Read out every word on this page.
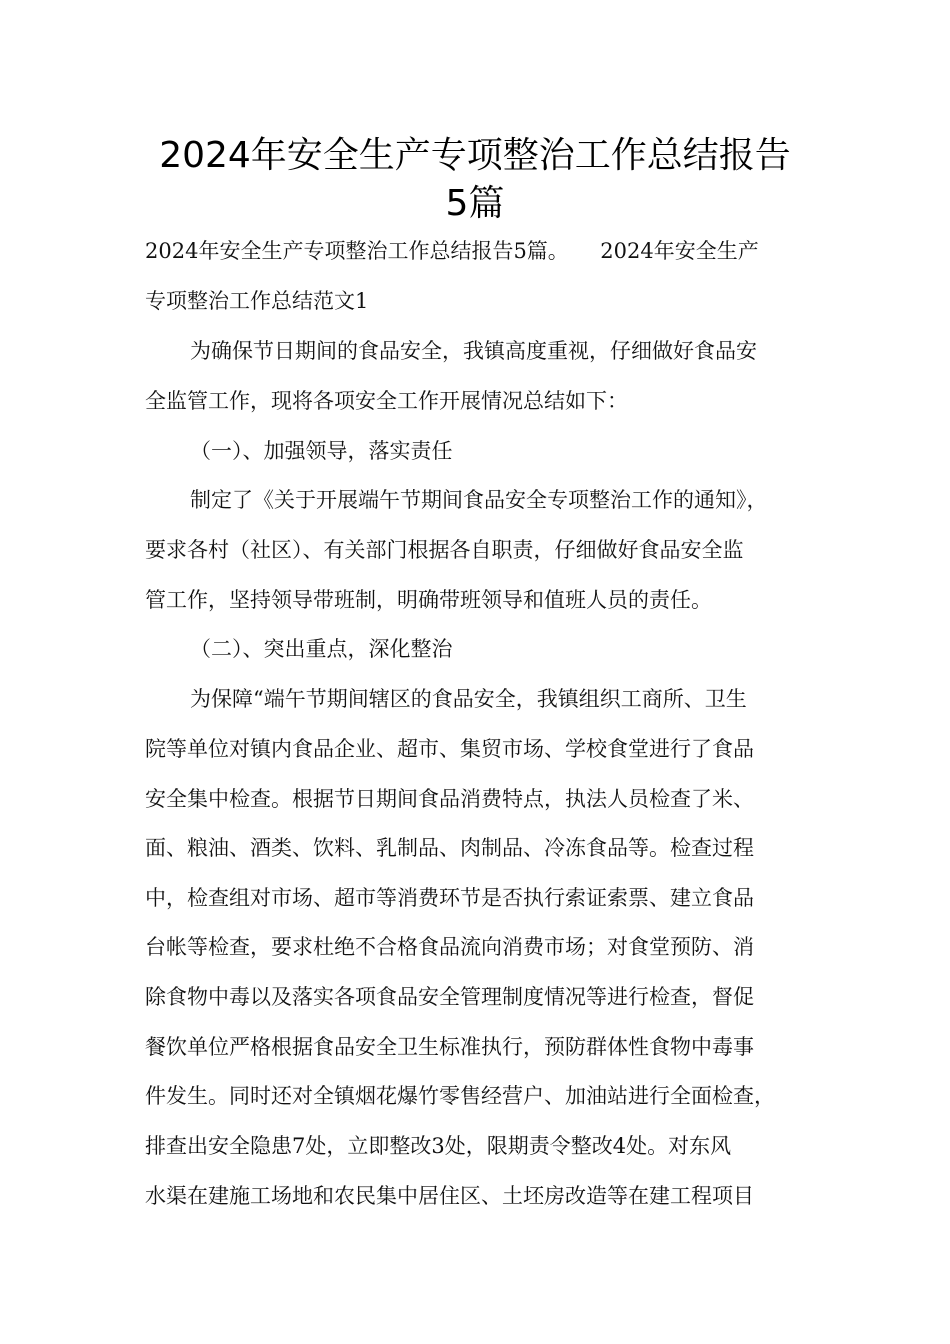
2024年安全生产专项整治工作总结报告
5篇

2024年安全生产专项整治工作总结报告5篇。　　2024年安全生产

专项整治工作总结范文1

为确保节日期间的食品安全，我镇高度重视，仔细做好食品安

全监管工作，现将各项安全工作开展情况总结如下：

（一）、加强领导，落实责任

制定了《关于开展端午节期间食品安全专项整治工作的通知》，

要求各村（社区）、有关部门根据各自职责，仔细做好食品安全监

管工作，坚持领导带班制，明确带班领导和值班人员的责任。

（二）、突出重点，深化整治

为保障“端午节期间辖区的食品安全，我镇组织工商所、卫生

院等单位对镇内食品企业、超市、集贸市场、学校食堂进行了食品

安全集中检查。根据节日期间食品消费特点，执法人员检查了米、

面、粮油、酒类、饮料、乳制品、肉制品、冷冻食品等。检查过程

中，检查组对市场、超市等消费环节是否执行索证索票、建立食品

台帐等检查，要求杜绝不合格食品流向消费市场；对食堂预防、消

除食物中毒以及落实各项食品安全管理制度情况等进行检查，督促

餐饮单位严格根据食品安全卫生标准执行，预防群体性食物中毒事

件发生。同时还对全镇烟花爆竹零售经营户、加油站进行全面检查，

排查出安全隐患7处，立即整改3处，限期责令整改4处。对东风

水渠在建施工场地和农民集中居住区、土坯房改造等在建工程项目
